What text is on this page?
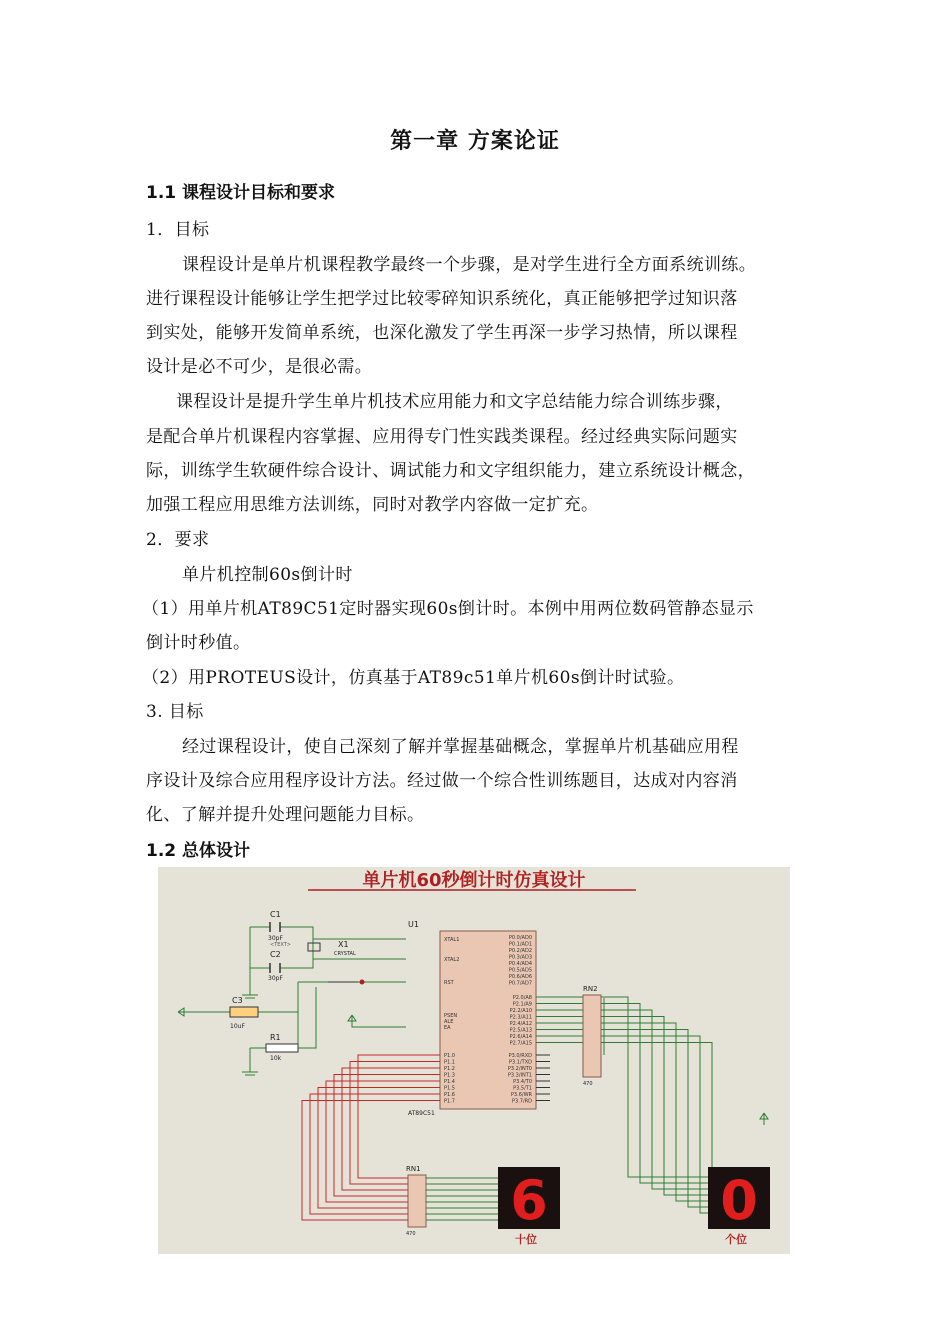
第一章 方案论证
1.1 课程设计目标和要求
1．目标
课程设计是单片机课程教学最终一个步骤，是对学生进行全方面系统训练。
进行课程设计能够让学生把学过比较零碎知识系统化，真正能够把学过知识落
到实处，能够开发简单系统，也深化激发了学生再深一步学习热情，所以课程
设计是必不可少，是很必需。
课程设计是提升学生单片机技术应用能力和文字总结能力综合训练步骤，
是配合单片机课程内容掌握、应用得专门性实践类课程。经过经典实际问题实
际，训练学生软硬件综合设计、调试能力和文字组织能力，建立系统设计概念，
加强工程应用思维方法训练，同时对教学内容做一定扩充。
2．要求
单片机控制60s倒计时
（1）用单片机AT89C51定时器实现60s倒计时。本例中用两位数码管静态显示
倒计时秒值。
（2）用PROTEUS设计，仿真基于AT89c51单片机60s倒计时试验。
3. 目标
经过课程设计，使自己深刻了解并掌握基础概念，掌握单片机基础应用程
序设计及综合应用程序设计方法。经过做一个综合性训练题目，达成对内容消
化、了解并提升处理问题能力目标。
1.2 总体设计
单片机60秒倒计时仿真设计
C1
30pF
<TEXT>
C2
30pF
X1
CRYSTAL
C3
10uF
R1
10k
U1
AT89C51
XTAL1
XTAL2
RST
PSEN
ALE
EA
P1.0
P1.1
P1.2
P1.3
P1.4
P1.5
P1.6
P1.7
P0.0/AD0
P0.1/AD1
P0.2/AD2
P0.3/AD3
P0.4/AD4
P0.5/AD5
P0.6/AD6
P0.7/AD7
P2.0/A8
P2.1/A9
P2.2/A10
P2.3/A11
P2.4/A12
P2.5/A13
P2.6/A14
P2.7/A15
P3.0/RXD
P3.1/TXD
P3.2/INT0
P3.3/INT1
P3.4/T0
P3.5/T1
P3.6/WR
P3.7/RD
RN2
470
RN1
470
6
十位
0
个位
